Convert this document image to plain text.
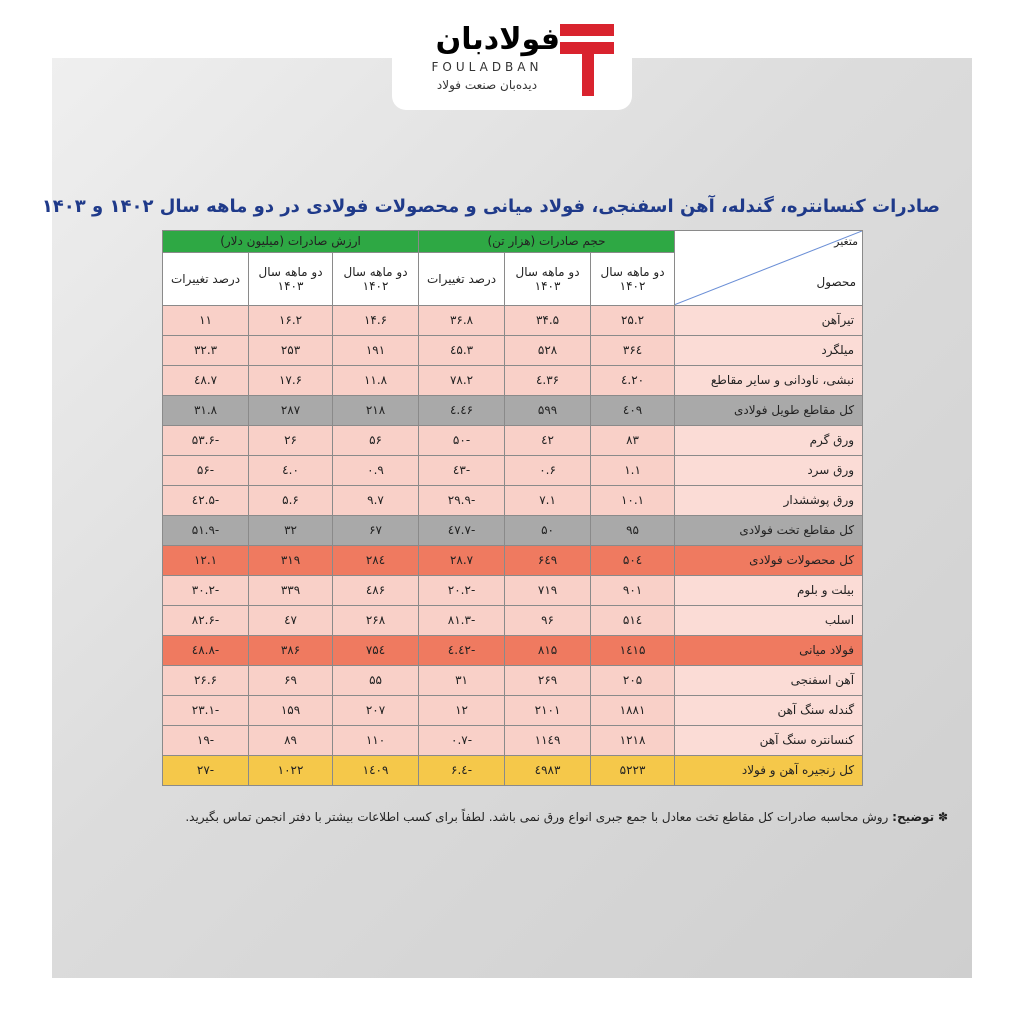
فولادبان
FOULADBAN
دیده‌بان صنعت فولاد
صادرات کنسانتره، گندله، آهن اسفنجی، فولاد میانی و محصولات فولادی در دو ماهه سال ۱۴۰۲ و ۱۴۰۳
متغیر
محصول	حجم صادرات (هزار تن)			ارزش صادرات (میلیون دلار)		
	دو ماهه سال ۱۴۰۲	دو ماهه سال ۱۴۰۳	درصد تغییرات	دو ماهه سال ۱۴۰۲	دو ماهه سال ۱۴۰۳	درصد تغییرات
تیرآهن	۲۵.۲	۳۴.۵	۳۶.۸	۱۴.۶	۱۶.۲	۱۱
میلگرد	۳۶٤	۵۲۸	٤۵.۳	۱۹۱	۲۵۳	۳۲.۳
نبشی، ناودانی و سایر مقاطع	۲۰.٤	۳۶.٤	۷۸.۲	۱۱.۸	۱۷.۶	٤۸.۷
کل مقاطع طویل فولادی	٤۰۹	۵۹۹	٤۶.٤	۲۱۸	۲۸۷	۳۱.۸
ورق گرم	۸۳	٤۲	-۵۰	۵۶	۲۶	-۵۳.۶
ورق سرد	۱.۱	۰.۶	-٤۳	۰.۹	۰.٤	-۵۶
ورق پوششدار	۱۰.۱	۷.۱	-۲۹.۹	۹.۷	۵.۶	-٤۲.۵
کل مقاطع تخت فولادی	۹۵	۵۰	-٤۷.۷	۶۷	۳۲	-۵۱.۹
کل محصولات فولادی	۵۰٤	۶٤۹	۲۸.۷	۲۸٤	۳۱۹	۱۲.۱
بیلت و بلوم	۹۰۱	۷۱۹	-۲۰.۲	٤۸۶	۳۳۹	-۳۰.۲
اسلب	۵۱٤	۹۶	-۸۱.۳	۲۶۸	٤۷	-۸۲.۶
فولاد میانی	۱٤۱۵	۸۱۵	-٤۲.٤	۷۵٤	۳۸۶	-٤۸.۸
آهن اسفنجی	۲۰۵	۲۶۹	۳۱	۵۵	۶۹	۲۶.۶
گندله سنگ آهن	۱۸۸۱	۲۱۰۱	۱۲	۲۰۷	۱۵۹	-۲۳.۱
کنسانتره سنگ آهن	۱۲۱۸	۱۱٤۹	-۰.۷	۱۱۰	۸۹	-۱۹
کل زنجیره آهن و فولاد	۵۲۲۳	٤۹۸۳	-٤.۶	۱٤۰۹	۱۰۲۲	-۲۷
✽ توضیح: روش محاسبه صادرات کل مقاطع تخت معادل با جمع جبری انواع ورق نمی باشد. لطفاً برای کسب اطلاعات بیشتر با دفتر انجمن تماس بگیرید.
